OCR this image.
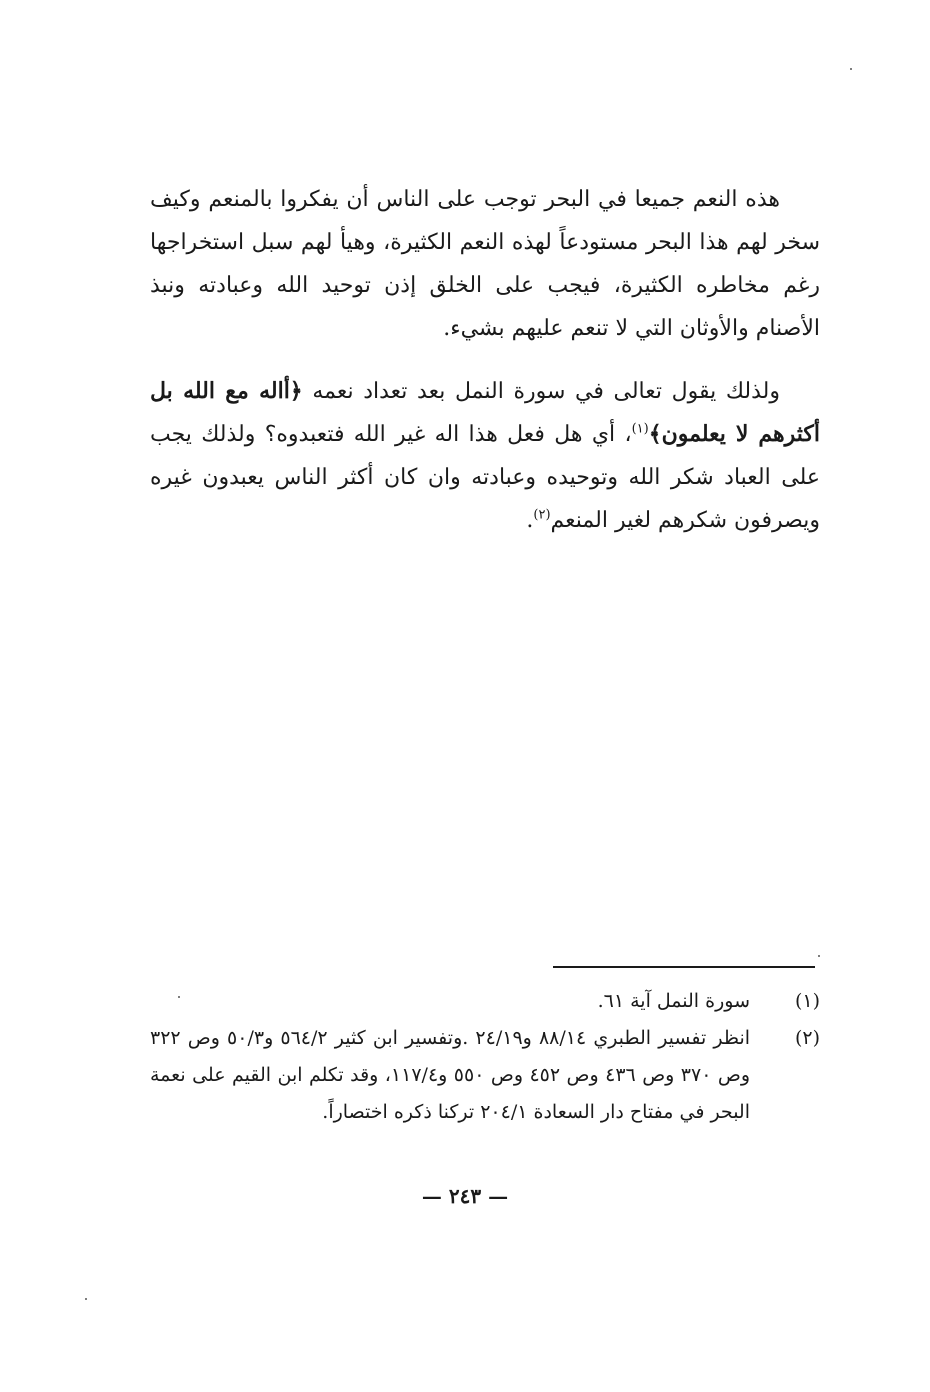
هذه النعم جميعا في البحر توجب على الناس أن يفكروا بالمنعم وكيف سخر لهم هذا البحر مستودعاً لهذه النعم الكثيرة، وهيأ لهم سبل استخراجها رغم مخاطره الكثيرة، فيجب على الخلق إذن توحيد الله وعبادته ونبذ الأصنام والأوثان التي لا تنعم عليهم بشيء.

ولذلك يقول تعالى في سورة النمل بعد تعداد نعمه ﴿أاله مع الله بل أكثرهم لا يعلمون﴾$^{(١)}$، أي هل فعل هذا اله غير الله فتعبدوه؟ ولذلك يجب على العباد شكر الله وتوحيده وعبادته وان كان أكثر الناس يعبدون غيره ويصرفون شكرهم لغير المنعم$^{(٢)}$.

(١)
سورة النمل آية ٦١.
(٢)
انظر تفسير الطبري ٨٨/١٤ و٢٤/١٩ .وتفسير ابن كثير ٥٦٤/٢ و٥٠/٣ وص ٣٢٢ وص ٣٧٠ وص ٤٣٦ وص ٤٥٢ وص ٥٥٠ و١١٧/٤، وقد تكلم ابن القيم على نعمة البحر في مفتاح دار السعادة ٢٠٤/١ تركنا ذكره اختصاراً.
— ٢٤٣ —
